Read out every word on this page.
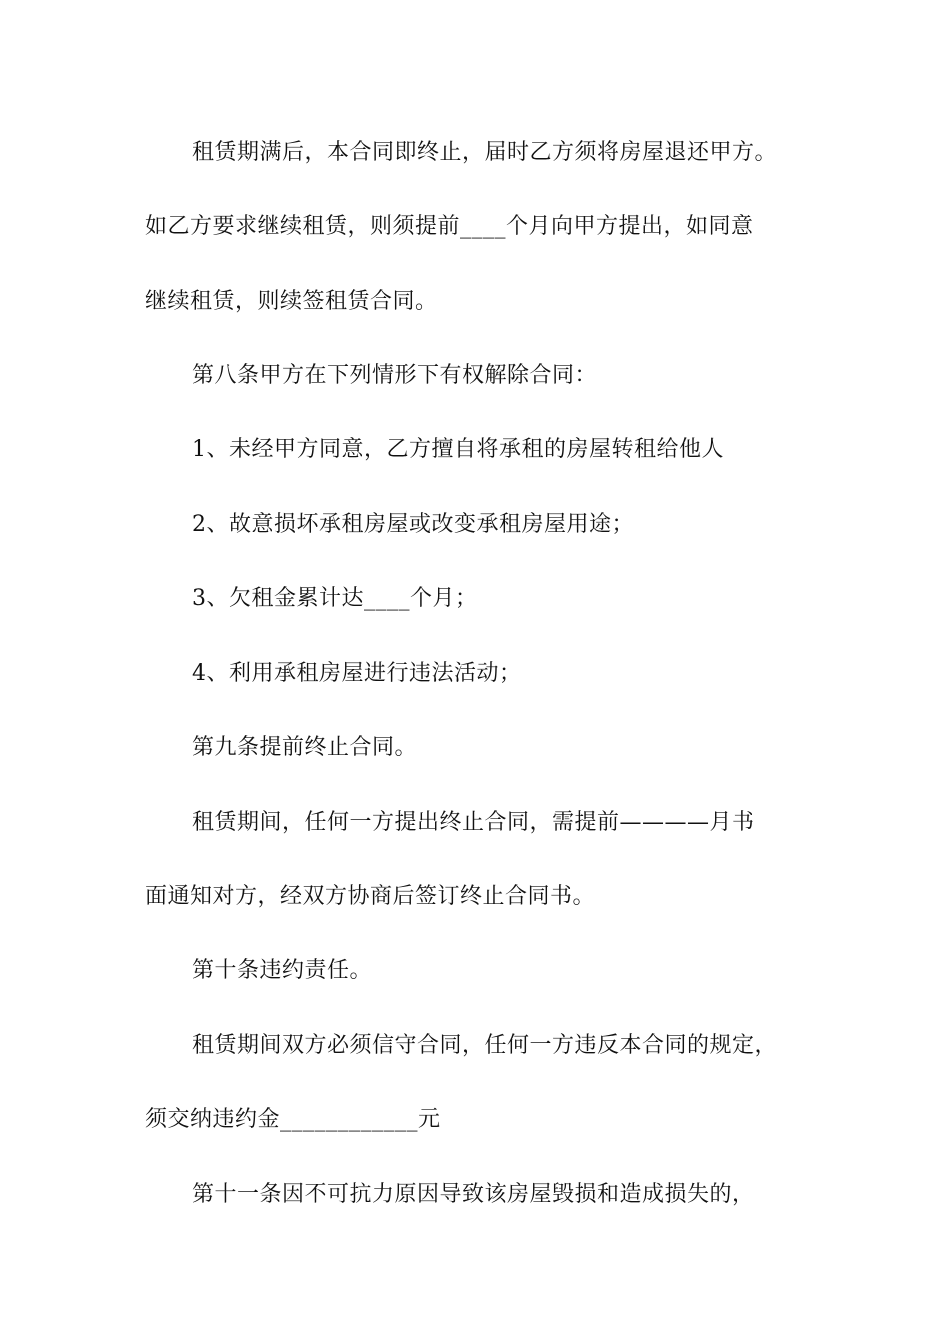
租赁期满后，本合同即终止，届时乙方须将房屋退还甲方。
如乙方要求继续租赁，则须提前____个月向甲方提出，如同意
继续租赁，则续签租赁合同。
第八条甲方在下列情形下有权解除合同：
1、未经甲方同意，乙方擅自将承租的房屋转租给他人
2、故意损坏承租房屋或改变承租房屋用途；
3、欠租金累计达____个月；
4、利用承租房屋进行违法活动；
第九条提前终止合同。
租赁期间，任何一方提出终止合同，需提前————月书
面通知对方，经双方协商后签订终止合同书。
第十条违约责任。
租赁期间双方必须信守合同，任何一方违反本合同的规定，
须交纳违约金____________元
第十一条因不可抗力原因导致该房屋毁损和造成损失的，
